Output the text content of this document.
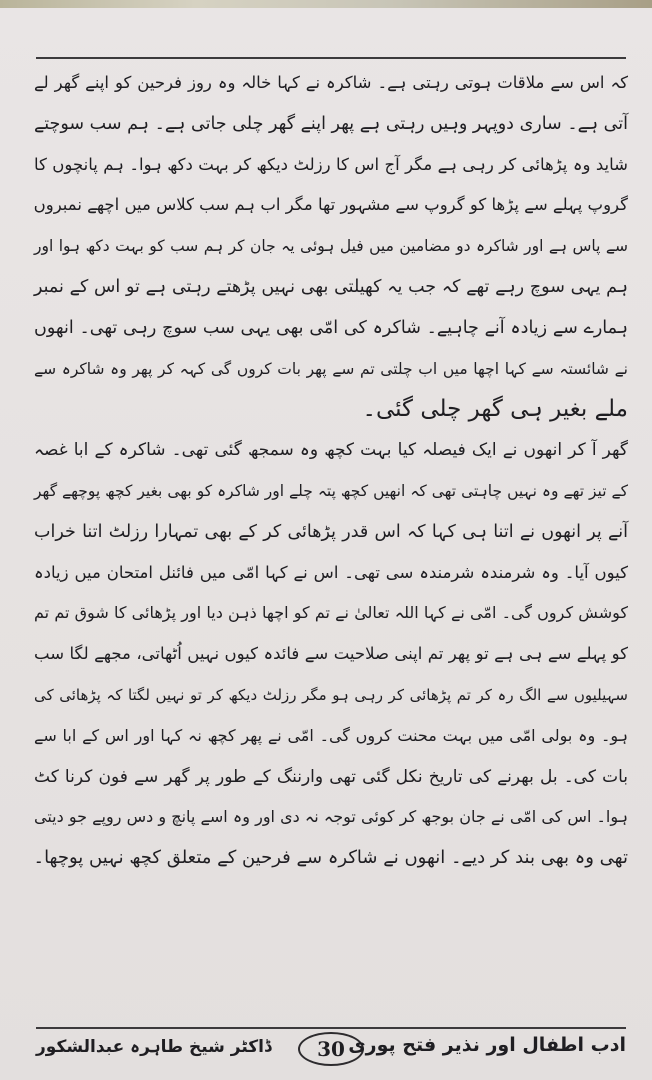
کہ اس سے ملاقات ہوتی رہتی ہے۔ شاکرہ نے کہا خالہ وہ روز فرحین کو اپنے گھر لے
آتی ہے۔ ساری دوپہر وہیں رہتی ہے پھر اپنے گھر چلی جاتی ہے۔ ہم سب سوچتے
شاید وہ پڑھائی کر رہی ہے مگر آج اس کا رزلٹ دیکھ کر بہت دکھ ہوا۔ ہم پانچوں کا
گروپ پہلے سے پڑھا کو گروپ سے مشہور تھا مگر اب ہم سب کلاس میں اچھے نمبروں
سے پاس ہے اور شاکرہ دو مضامین میں فیل ہوئی یہ جان کر ہم سب کو بہت دکھ ہوا اور
ہم یہی سوچ رہے تھے کہ جب یہ کھیلتی بھی نہیں پڑھتے رہتی ہے تو اس کے نمبر
ہمارے سے زیادہ آنے چاہیے۔ شاکرہ کی امّی بھی یہی سب سوچ رہی تھی۔ انھوں
نے شائستہ سے کہا اچھا میں اب چلتی تم سے پھر بات کروں گی کہہ کر پھر وہ شاکرہ سے
ملے بغیر ہی گھر چلی گئی۔
گھر آ کر انھوں نے ایک فیصلہ کیا بہت کچھ وہ سمجھ گئی تھی۔ شاکرہ کے ابا غصہ
کے تیز تھے وہ نہیں چاہتی تھی کہ انھیں کچھ پتہ چلے اور شاکرہ کو بھی بغیر کچھ پوچھے گھر
آنے پر انھوں نے اتنا ہی کہا کہ اس قدر پڑھائی کر کے بھی تمہارا رزلٹ اتنا خراب
کیوں آیا۔ وہ شرمندہ شرمندہ سی تھی۔ اس نے کہا امّی میں فائنل امتحان میں زیادہ
کوشش کروں گی۔ امّی نے کہا اللہ تعالیٰ نے تم کو اچھا ذہن دیا اور پڑھائی کا شوق تم تم
کو پہلے سے ہی ہے تو پھر تم اپنی صلاحیت سے فائدہ کیوں نہیں اُٹھاتی، مجھے لگا سب
سہیلیوں سے الگ رہ کر تم پڑھائی کر رہی ہو مگر رزلٹ دیکھ کر تو نہیں لگتا کہ پڑھائی کی
ہو۔ وہ بولی امّی میں بہت محنت کروں گی۔ امّی نے پھر کچھ نہ کہا اور اس کے ابا سے
بات کی۔ بل بھرنے کی تاریخ نکل گئی تھی وارننگ کے طور پر گھر سے فون کرنا کٹ
ہوا۔ اس کی امّی نے جان بوجھ کر کوئی توجہ نہ دی اور وہ اسے پانچ و دس روپے جو دیتی
تھی وہ بھی بند کر دیے۔ انھوں نے شاکرہ سے فرحین کے متعلق کچھ نہیں پوچھا۔
ڈاکٹر شیخ طاہرہ عبدالشکور	30 ادب اطفال اور نذیر فتح پوری
